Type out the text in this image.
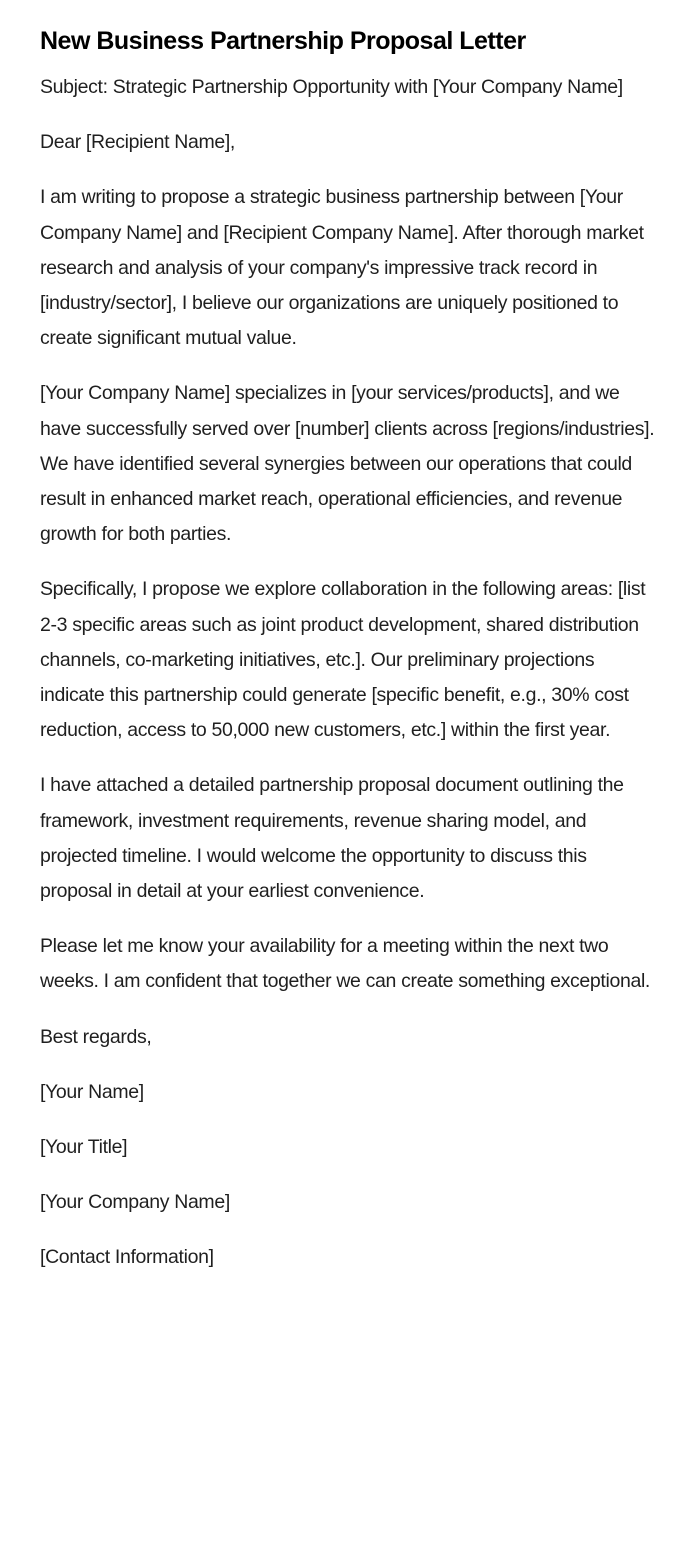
New Business Partnership Proposal Letter

Subject: Strategic Partnership Opportunity with [Your Company Name]

Dear [Recipient Name],

I am writing to propose a strategic business partnership between [Your Company Name] and [Recipient Company Name]. After thorough market research and analysis of your company's impressive track record in [industry/sector], I believe our organizations are uniquely positioned to create significant mutual value.

[Your Company Name] specializes in [your services/products], and we have successfully served over [number] clients across [regions/industries]. We have identified several synergies between our operations that could result in enhanced market reach, operational efficiencies, and revenue growth for both parties.

Specifically, I propose we explore collaboration in the following areas: [list 2-3 specific areas such as joint product development, shared distribution channels, co-marketing initiatives, etc.]. Our preliminary projections indicate this partnership could generate [specific benefit, e.g., 30% cost reduction, access to 50,000 new customers, etc.] within the first year.

I have attached a detailed partnership proposal document outlining the framework, investment requirements, revenue sharing model, and projected timeline. I would welcome the opportunity to discuss this proposal in detail at your earliest convenience.

Please let me know your availability for a meeting within the next two weeks. I am confident that together we can create something exceptional.

Best regards,

[Your Name]

[Your Title]

[Your Company Name]

[Contact Information]
